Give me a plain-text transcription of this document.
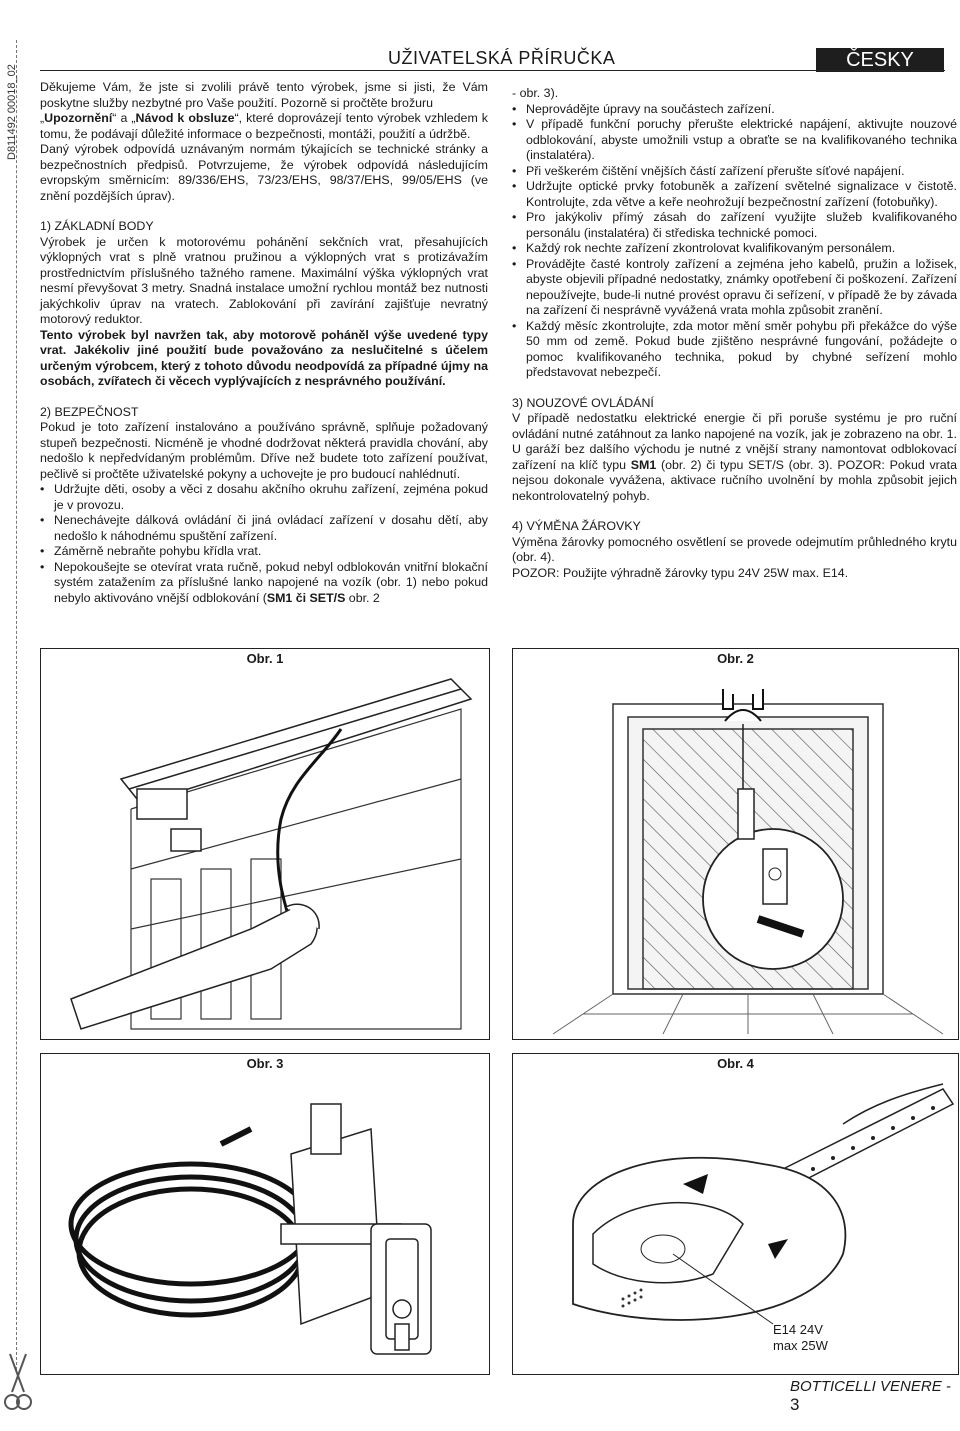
D811492 00018_02
UŽIVATELSKÁ PŘÍRUČKA	ČESKY

Děkujeme Vám, že jste si zvolili právě tento výrobek, jsme si jisti, že Vám poskytne služby nezbytné pro Vaše použití. Pozorně si pročtěte brožuru

„Upozornění“ a „Návod k obsluze“, které doprovázejí tento výrobek vzhledem k tomu, že podávají důležité informace o bezpečnosti, montáži, použití a údržbě.

Daný výrobek odpovídá uznávaným normám týkajících se technické stránky a bezpečnostních předpisů. Potvrzujeme, že výrobek odpovídá následujícím evropským směrnicím: 89/336/EHS, 73/23/EHS, 98/37/EHS, 99/05/EHS (ve znění pozdějších úprav).

1) ZÁKLADNÍ BODY

Výrobek je určen k motorovému pohánění sekčních vrat, přesahujících výklopných vrat s plně vratnou pružinou a výklopných vrat s protizávažím prostřednictvím příslušného tažného ramene. Maximální výška výklopných vrat nesmí převyšovat 3 metry. Snadná instalace umožní rychlou montáž bez nutnosti jakýchkoliv úprav na vratech. Zablokování při zavírání zajišťuje nevratný motorový reduktor.

Tento výrobek byl navržen tak, aby motorově poháněl výše uvedené typy vrat. Jakékoliv jiné použití bude považováno za neslučitelné s účelem určeným výrobcem, který z tohoto důvodu neodpovídá za případné újmy na osobách, zvířatech či věcech vyplývajících z nesprávného používání.

2) BEZPEČNOST

Pokud je toto zařízení instalováno a používáno správně, splňuje požadovaný stupeň bezpečnosti. Nicméně je vhodné dodržovat některá pravidla chování, aby nedošlo k nepředvídaným problémům. Dříve než budete toto zařízení používat, pečlivě si pročtěte uživatelské pokyny a uchovejte je pro budoucí nahlédnutí.

• Udržujte děti, osoby a věci z dosahu akčního okruhu zařízení, zejména pokud je v provozu.
• Nenechávejte dálková ovládání či jiná ovládací zařízení v dosahu dětí, aby nedošlo k náhodnému spuštění zařízení.
• Záměrně nebraňte pohybu křídla vrat.
• Nepokoušejte se otevírat vrata ručně, pokud nebyl odblokován vnitřní blokační systém zatažením za příslušné lanko napojené na vozík (obr. 1) nebo pokud nebylo aktivováno vnější odblokování (SM1 či SET/S obr. 2

- obr. 3).

• Neprovádějte úpravy na součástech zařízení.
• V případě funkční poruchy přerušte elektrické napájení, aktivujte nouzové odblokování, abyste umožnili vstup a obraťte se na kvalifikovaného technika (instalatéra).
• Při veškerém čištění vnějších částí zařízení přerušte síťové napájení.
• Udržujte optické prvky fotobuněk a zařízení světelné signalizace v čistotě. Kontrolujte, zda větve a keře neohrožují bezpečnostní zařízení (fotobuňky).
• Pro jakýkoliv přímý zásah do zařízení využijte služeb kvalifikovaného personálu (instalatéra) či střediska technické pomoci.
• Každý rok nechte zařízení zkontrolovat kvalifikovaným personálem.
• Provádějte časté kontroly zařízení a zejména jeho kabelů, pružin a ložisek, abyste objevili případné nedostatky, známky opotřebení či poškození. Zařízení nepoužívejte, bude-li nutné provést opravu či seřízení, v případě že by závada na zařízení či nesprávně vyvážená vrata mohla způsobit zranění.
• Každý měsíc zkontrolujte, zda motor mění směr pohybu při překážce do výše 50 mm od země. Pokud bude zjištěno nesprávné fungování, požádejte o pomoc kvalifikovaného technika, pokud by chybné seřízení mohlo představovat nebezpečí.
3) NOUZOVÉ OVLÁDÁNÍ

V případě nedostatku elektrické energie či při poruše systému je pro ruční ovládání nutné zatáhnout za lanko napojené na vozík, jak je zobrazeno na obr. 1. U garáží bez dalšího východu je nutné z vnější strany namontovat odblokovací zařízení na klíč typu SM1 (obr. 2) či typu SET/S (obr. 3). POZOR: Pokud vrata nejsou dokonale vyvážena, aktivace ručního uvolnění by mohla způsobit jejich nekontrolovatelný pohyb.

4) VÝMĚNA ŽÁROVKY

Výměna žárovky pomocného osvětlení se provede odejmutím průhledného krytu (obr. 4).

POZOR: Použijte výhradně žárovky typu 24V 25W max. E14.

Obr. 1	Obr. 2
Obr. 3	Obr. 4
E14 24V
max 25W
BOTTICELLI VENERE - 3
